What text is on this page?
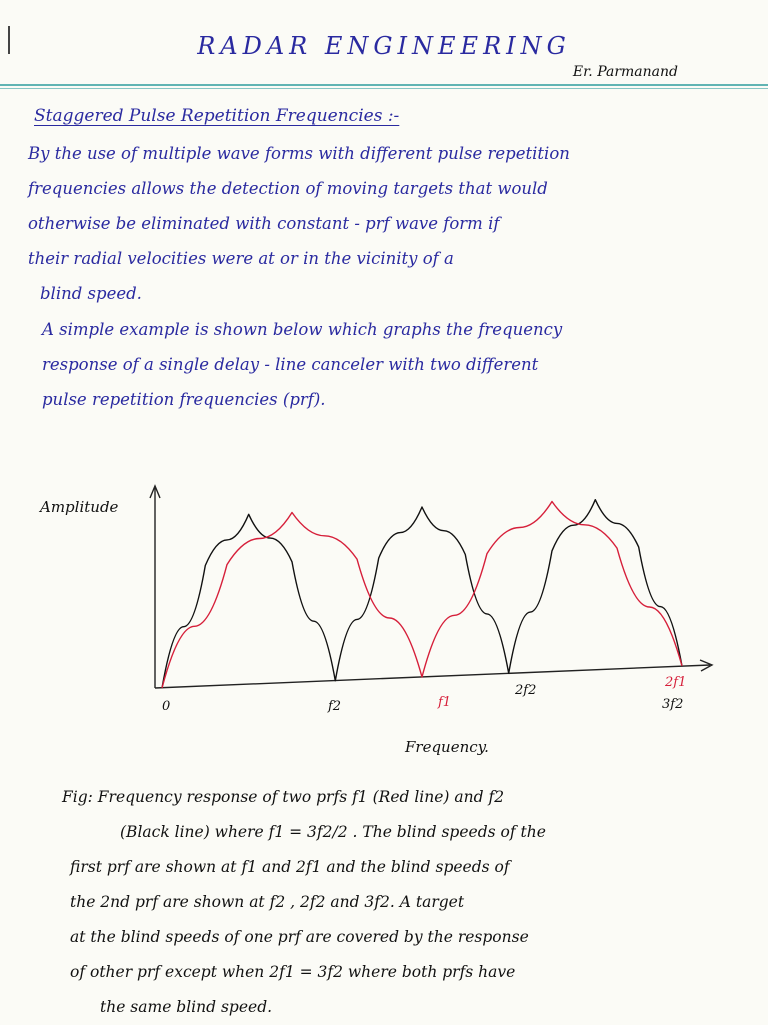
RADAR ENGINEERING
Er. Parmanand
Staggered Pulse Repetition Frequencies :-
By the use of multiple wave forms with different pulse repetition
frequencies allows the detection of moving targets that would
otherwise be eliminated with constant - prf wave form if
their radial velocities were at or in the vicinity of a
blind speed.
A simple example is shown below which graphs the frequency
response of a single delay - line canceler with two different
pulse repetition frequencies (prf).
Amplitude
Frequency.
0	f2	f1
2f2
2f1
3f2
Fig: Frequency response of two prfs f1 (Red line) and f2
(Black line) where f1 = 3f2/2 . The blind speeds of the
first prf are shown at f1 and 2f1 and the blind speeds of
the 2nd prf are shown at f2 , 2f2 and 3f2. A target
at the blind speeds of one prf are covered by the response
of other prf except when 2f1 = 3f2 where both prfs have
the same blind speed.
